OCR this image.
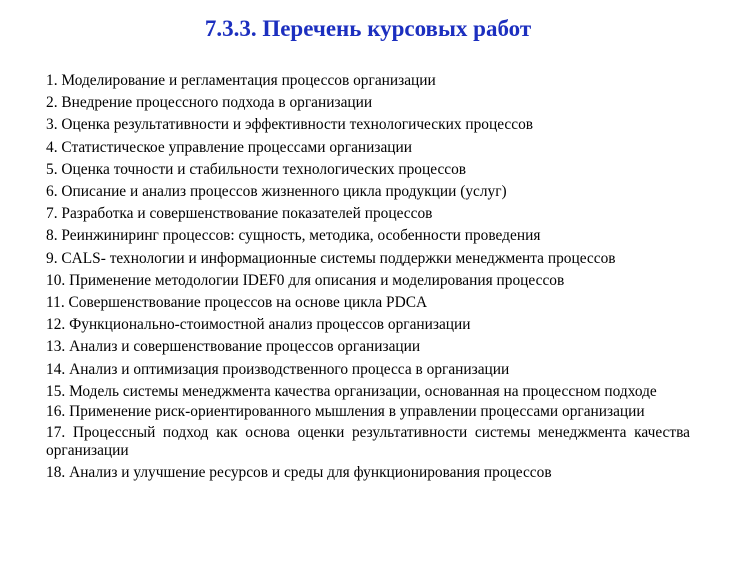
7.3.3. Перечень курсовых работ
1. Моделирование и регламентация процессов организации
2. Внедрение процессного подхода в организации
3. Оценка результативности и эффективности технологических процессов
4. Статистическое управление процессами организации
5. Оценка точности и стабильности технологических процессов
6. Описание и анализ процессов жизненного цикла продукции (услуг)
7. Разработка и совершенствование показателей процессов
8. Реинжиниринг процессов: сущность, методика, особенности проведения
9. CALS- технологии и информационные системы поддержки менеджмента процессов
10. Применение методологии IDEF0 для описания и моделирования процессов
11. Совершенствование процессов на основе цикла PDCA
12. Функционально-стоимостной анализ процессов организации
13. Анализ и совершенствование процессов организации
14. Анализ и оптимизация производственного процесса в организации
15. Модель системы менеджмента качества организации, основанная на процессном подходе
16. Применение риск-ориентированного мышления в управлении процессами организации
17. Процессный подход как основа оценки результативности системы менеджмента качества организации
18. Анализ и улучшение ресурсов и среды для функционирования процессов
